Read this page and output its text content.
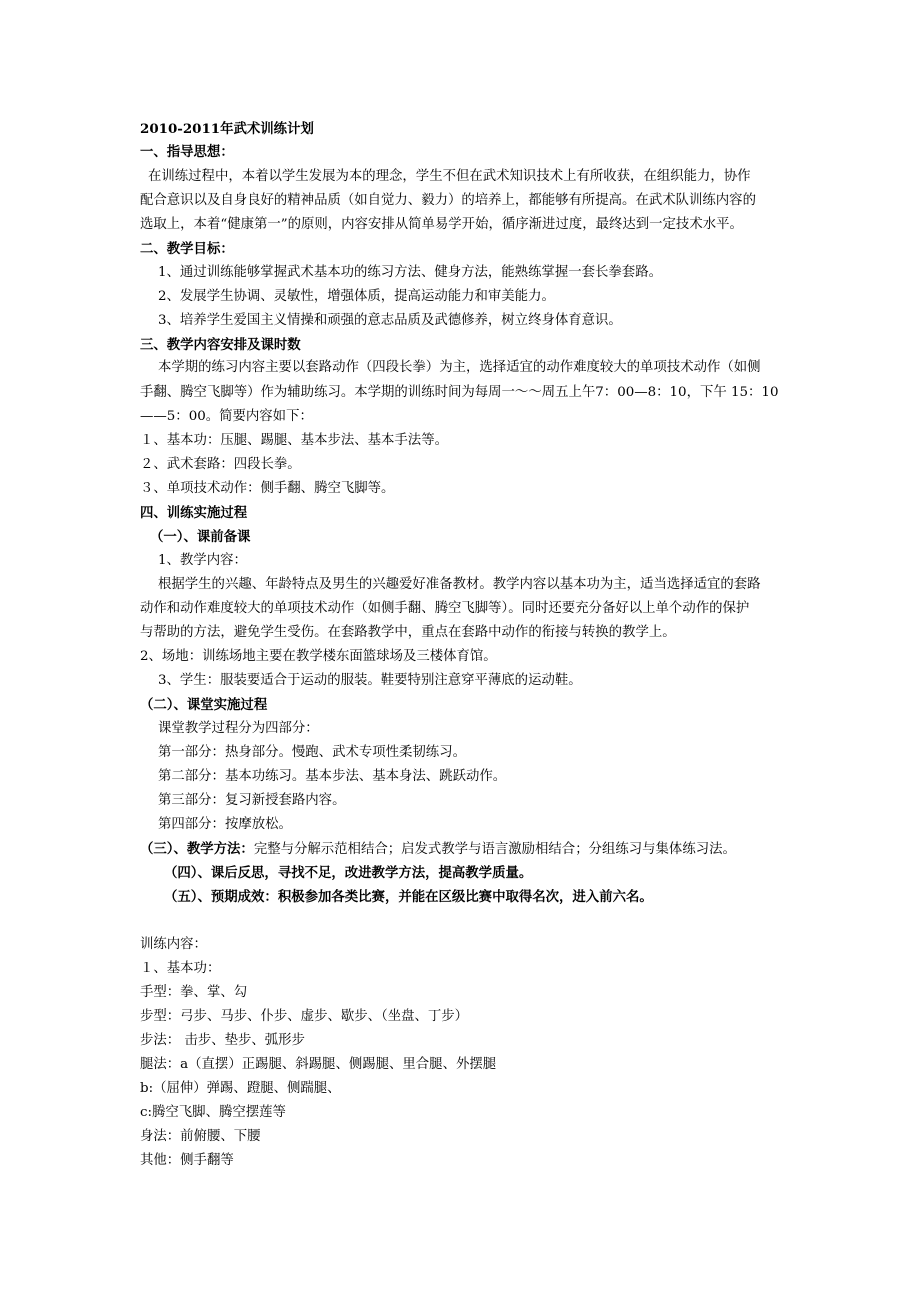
2010-2011年武术训练计划
一、指导思想：
在训练过程中，本着以学生发展为本的理念，学生不但在武术知识技术上有所收获，在组织能力，协作
配合意识以及自身良好的精神品质（如自觉力、毅力）的培养上，都能够有所提高。在武术队训练内容的
选取上，本着“健康第一”的原则，内容安排从简单易学开始，循序渐进过度，最终达到一定技术水平。
二、教学目标：
1、通过训练能够掌握武术基本功的练习方法、健身方法，能熟练掌握一套长拳套路。
2、发展学生协调、灵敏性，增强体质，提高运动能力和审美能力。
3、培养学生爱国主义情操和顽强的意志品质及武德修养，树立终身体育意识。
三、教学内容安排及课时数
本学期的练习内容主要以套路动作（四段长拳）为主，选择适宜的动作难度较大的单项技术动作（如侧
手翻、腾空飞脚等）作为辅助练习。本学期的训练时间为每周一～～周五上午7：00—8：10，下午 15：10
——5：00。简要内容如下：
１、基本功：压腿、踢腿、基本步法、基本手法等。
２、武术套路：四段长拳。
３、单项技术动作：侧手翻、腾空飞脚等。
四、训练实施过程
（一）、课前备课
1、教学内容：
根据学生的兴趣、年龄特点及男生的兴趣爱好准备教材。教学内容以基本功为主，适当选择适宜的套路
动作和动作难度较大的单项技术动作（如侧手翻、腾空飞脚等）。同时还要充分备好以上单个动作的保护
与帮助的方法，避免学生受伤。在套路教学中，重点在套路中动作的衔接与转换的教学上。
2、场地：训练场地主要在教学楼东面篮球场及三楼体育馆。
3、学生：服装要适合于运动的服装。鞋要特别注意穿平薄底的运动鞋。
（二）、课堂实施过程
课堂教学过程分为四部分：
第一部分：热身部分。慢跑、武术专项性柔韧练习。
第二部分：基本功练习。基本步法、基本身法、跳跃动作。
第三部分：复习新授套路内容。
第四部分：按摩放松。
（三）、教学方法：完整与分解示范相结合；启发式教学与语言激励相结合；分组练习与集体练习法。
（四）、课后反思，寻找不足，改进教学方法，提高教学质量。
（五）、预期成效：积极参加各类比赛，并能在区级比赛中取得名次，进入前六名。
训练内容：
１、基本功：
手型：拳、掌、勾
步型：弓步、马步、仆步、虚步、歇步、（坐盘、丁步）
步法： 击步、垫步、弧形步
腿法：a（直摆）正踢腿、斜踢腿、侧踢腿、里合腿、外摆腿
b:（屈伸）弹踢、蹬腿、侧踹腿、
c:腾空飞脚、腾空摆莲等
身法：前俯腰、下腰
其他：侧手翻等
